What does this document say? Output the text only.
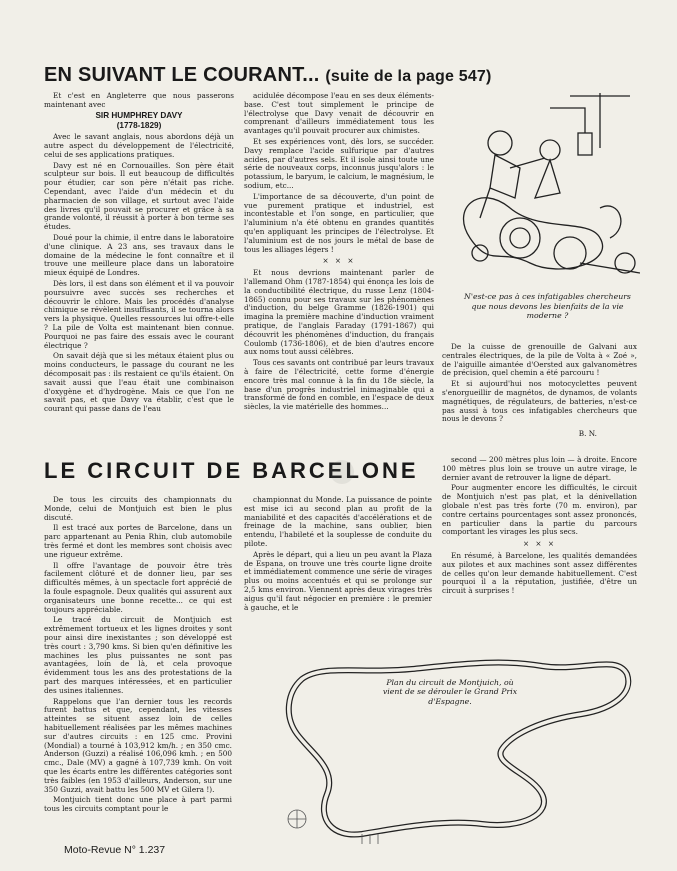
EN SUIVANT LE COURANT... (suite de la page 547)

Et c'est en Angleterre que nous passerons maintenant avec

SIR HUMPHREY DAVY

(1778-1829)

Avec le savant anglais, nous abordons déjà un autre aspect du développement de l'électricité, celui de ses applications pratiques.

Davy est né en Cornouailles. Son père était sculpteur sur bois. Il eut beaucoup de difficultés pour étudier, car son père n'était pas riche. Cependant, avec l'aide d'un médecin et du pharmacien de son village, et surtout avec l'aide des livres qu'il pouvait se procurer et grâce à sa grande volonté, il réussit à porter à bon terme ses études.

Doué pour la chimie, il entre dans le laboratoire d'une clinique. A 23 ans, ses travaux dans le domaine de la médecine le font connaître et il trouve une meilleure place dans un laboratoire mieux équipé de Londres.

Dès lors, il est dans son élément et il va pouvoir poursuivre avec succès ses recherches et découvrir le chlore. Mais les procédés d'analyse chimique se révèlent insuffisants, il se tourna alors vers la physique. Quelles ressources lui offre-t-elle ? La pile de Volta est maintenant bien connue. Pourquoi ne pas faire des essais avec le courant électrique ?

On savait déjà que si les métaux étaient plus ou moins conducteurs, le passage du courant ne les décomposait pas : ils restaient ce qu'ils étaient. On savait aussi que l'eau était une combinaison d'oxygène et d'hydrogène. Mais ce que l'on ne savait pas, et que Davy va établir, c'est que le courant qui passe dans de l'eau

acidulée décompose l'eau en ses deux éléments-base. C'est tout simplement le principe de l'électrolyse que Davy venait de découvrir en comprenant d'ailleurs immédiatement tous les avantages qu'il pouvait procurer aux chimistes.

Et ses expériences vont, dès lors, se succéder. Davy remplace l'acide sulfurique par d'autres acides, par d'autres sels. Et il isole ainsi toute une série de nouveaux corps, inconnus jusqu'alors : le potassium, le baryum, le calcium, le magnésium, le sodium, etc...

L'importance de sa découverte, d'un point de vue purement pratique et industriel, est incontestable et l'on songe, en particulier, que l'aluminium n'a été obtenu en grandes quantités qu'en appliquant les principes de l'électrolyse. Et l'aluminium est de nos jours le métal de base de tous les alliages légers !

× × ×

Et nous devrions maintenant parler de l'allemand Ohm (1787-1854) qui énonça les lois de la conductibilité électrique, du russe Lenz (1804-1865) connu pour ses travaux sur les phénomènes d'induction, du belge Gramme (1826-1901) qui imagina la première machine d'induction vraiment pratique, de l'anglais Faraday (1791-1867) qui découvrit les phénomènes d'induction, du français Coulomb (1736-1806), et de bien d'autres encore aux noms tout aussi célèbres.

Tous ces savants ont contribué par leurs travaux à faire de l'électricité, cette forme d'énergie encore très mal connue à la fin du 18e siècle, la base d'un progrès industriel inimaginable qui a transformé de fond en comble, en l'espace de deux siècles, la vie matérielle des hommes...

N'est-ce pas à ces infatigables chercheurs que nous devons les bienfaits de la vie moderne ?

De la cuisse de grenouille de Galvani aux centrales électriques, de la pile de Volta à « Zoé », de l'aiguille aimantée d'Oersted aux galvanomètres de précision, quel chemin a été parcouru !

Et si aujourd'hui nos motocyclettes peuvent s'enorgueillir de magnétos, de dynamos, de volants magnétiques, de régulateurs, de batteries, n'est-ce pas aussi à tous ces infatigables chercheurs que nous le devons ?

B. N.

LE CIRCUIT DE BARCELONE

De tous les circuits des championnats du Monde, celui de Montjuich est bien le plus discuté.

Il est tracé aux portes de Barcelone, dans un parc appartenant au Penia Rhin, club automobile très fermé et dont les membres sont choisis avec une rigueur extrême.

Il offre l'avantage de pouvoir être très facilement clôturé et de donner lieu, par ses difficultés mêmes, à un spectacle fort apprécié de la foule espagnole. Deux qualités qui assurent aux organisateurs une bonne recette... ce qui est toujours appréciable.

Le tracé du circuit de Montjuich est extrêmement tortueux et les lignes droites y sont pour ainsi dire inexistantes ; son développé est très court : 3,790 kms. Si bien qu'en définitive les machines les plus puissantes ne sont pas avantagées, loin de là, et cela provoque évidemment tous les ans des protestations de la part des marques intéressées, et en particulier des usines italiennes.

Rappelons que l'an dernier tous les records furent battus et que, cependant, les vitesses atteintes se situent assez loin de celles habituellement réalisées par les mêmes machines sur d'autres circuits : en 125 cmc. Provini (Mondial) a tourné à 103,912 km/h. ; en 350 cmc. Anderson (Guzzi) a réalisé 106,096 kmh. ; en 500 cmc., Dale (MV) a gagné à 107,739 kmh. On voit que les écarts entre les différentes catégories sont très faibles (en 1953 d'ailleurs, Anderson, sur une 350 Guzzi, avait battu les 500 MV et Gilera !).

Montjuich tient donc une place à part parmi tous les circuits comptant pour le

championnat du Monde. La puissance de pointe est mise ici au second plan au profit de la maniabilité et des capacités d'accélérations et de freinage de la machine, sans oublier, bien entendu, l'habileté et la souplesse de conduite du pilote.

Après le départ, qui a lieu un peu avant la Plaza de Espana, on trouve une très courte ligne droite et immédiatement commence une série de virages plus ou moins accentués et qui se prolonge sur 2,5 kms environ. Viennent après deux virages très aigus qu'il faut négocier en première : le premier à gauche, et le

second — 200 mètres plus loin — à droite. Encore 100 mètres plus loin se trouve un autre virage, le dernier avant de retrouver la ligne de départ.

Pour augmenter encore les difficultés, le circuit de Montjuich n'est pas plat, et la dénivellation globale n'est pas très forte (70 m. environ), par contre certains pourcentages sont assez prononcés, en particulier dans la partie du parcours comportant les virages les plus secs.

× × ×

En résumé, à Barcelone, les qualités demandées aux pilotes et aux machines sont assez différentes de celles qu'on leur demande habituellement. C'est pourquoi il a la réputation, justifiée, d'être un circuit à surprises !

Plan du circuit de Montjuich, où vient de se dérouler le Grand Prix d'Espagne.
Moto-Revue N° 1.237
